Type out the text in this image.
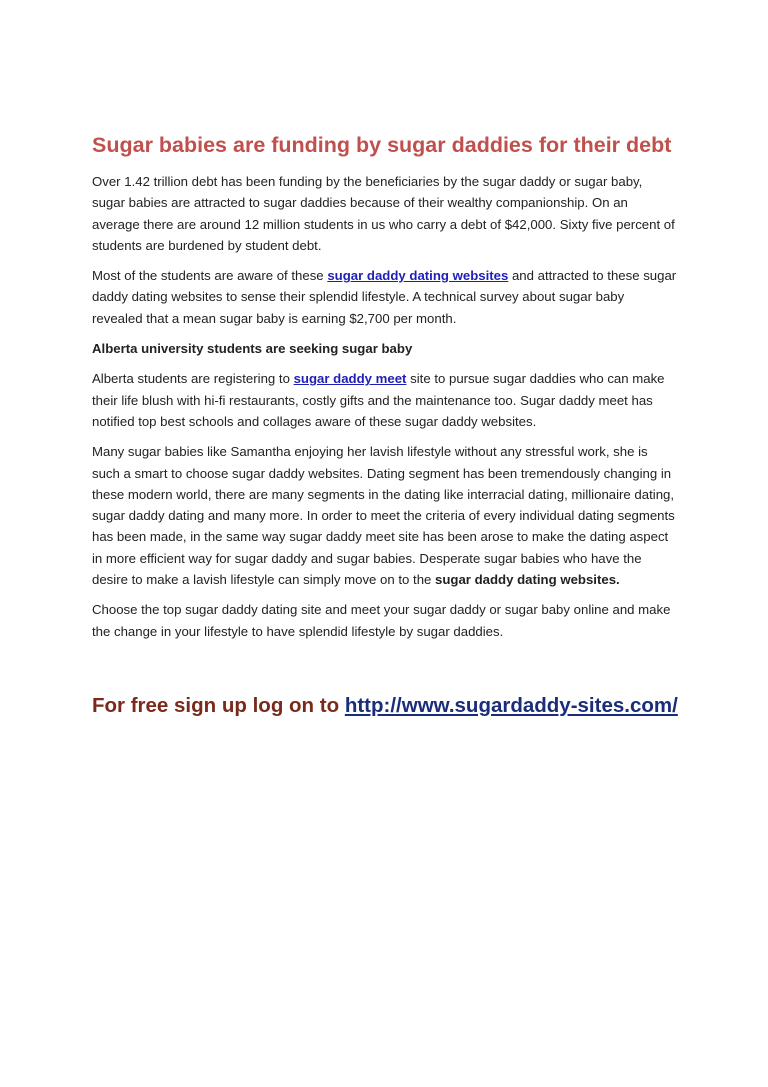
Sugar babies are funding by sugar daddies for their debt

Over 1.42 trillion debt has been funding by the beneficiaries by the sugar daddy or sugar baby, sugar babies are attracted to sugar daddies because of their wealthy companionship. On an average there are around 12 million students in us who carry a debt of $42,000. Sixty five percent of students are burdened by student debt.

Most of the students are aware of these sugar daddy dating websites and attracted to these sugar daddy dating websites to sense their splendid lifestyle. A technical survey about sugar baby revealed that a mean sugar baby is earning $2,700 per month.

Alberta university students are seeking sugar baby

Alberta students are registering to sugar daddy meet site to pursue sugar daddies who can make their life blush with hi-fi restaurants, costly gifts and the maintenance too. Sugar daddy meet has notified top best schools and collages aware of these sugar daddy websites.

Many sugar babies like Samantha enjoying her lavish lifestyle without any stressful work, she is such a smart to choose sugar daddy websites. Dating segment has been tremendously changing in these modern world, there are many segments in the dating like interracial dating, millionaire dating, sugar daddy dating and many more. In order to meet the criteria of every individual dating segments has been made, in the same way sugar daddy meet site has been arose to make the dating aspect in more efficient way for sugar daddy and sugar babies. Desperate sugar babies who have the desire to make a lavish lifestyle can simply move on to the sugar daddy dating websites.

Choose the top sugar daddy dating site and meet your sugar daddy or sugar baby online and make the change in your lifestyle to have splendid lifestyle by sugar daddies.

For free sign up log on to http://www.sugardaddy-sites.com/
